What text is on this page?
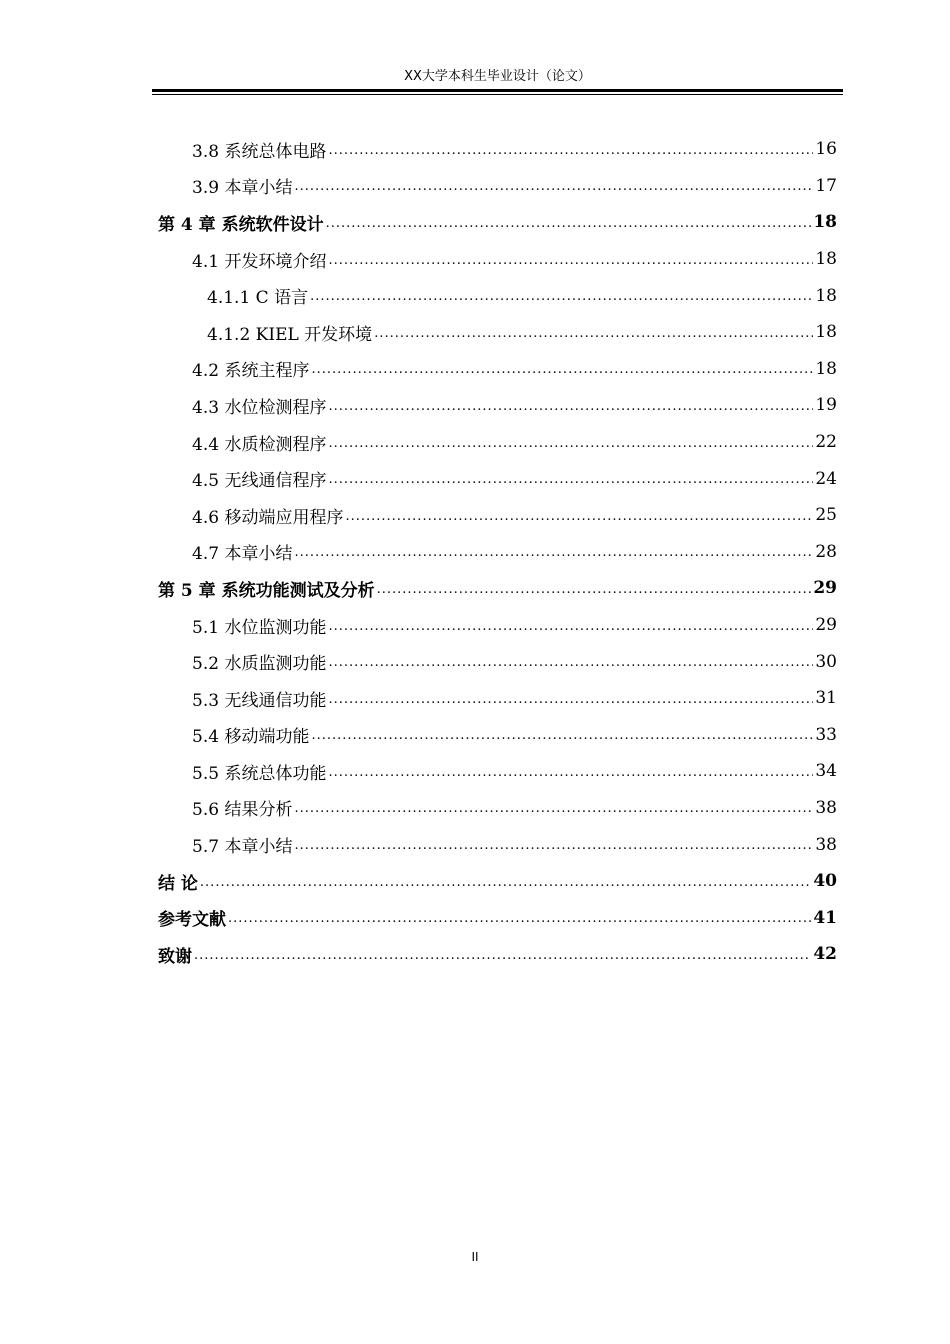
XX大学本科生毕业设计（论文）
3.8 系统总体电路 .....	16
3.9 本章小结 .....	17
第 4 章 系统软件设计 .....	18
4.1 开发环境介绍 .....	18
4.1.1 C 语言 .....	18
4.1.2 KIEL 开发环境 .....	18
4.2 系统主程序 .....	18
4.3 水位检测程序 .....	19
4.4 水质检测程序 .....	22
4.5 无线通信程序 .....	24
4.6 移动端应用程序 .....	25
4.7 本章小结 .....	28
第 5 章 系统功能测试及分析 .....	29
5.1 水位监测功能 .....	29
5.2 水质监测功能 .....	30
5.3 无线通信功能 .....	31
5.4 移动端功能 .....	33
5.5 系统总体功能 .....	34
5.6 结果分析 .....	38
5.7 本章小结 .....	38
结 论 .....	40
参考文献 .....	41
致谢 .....	42
II
